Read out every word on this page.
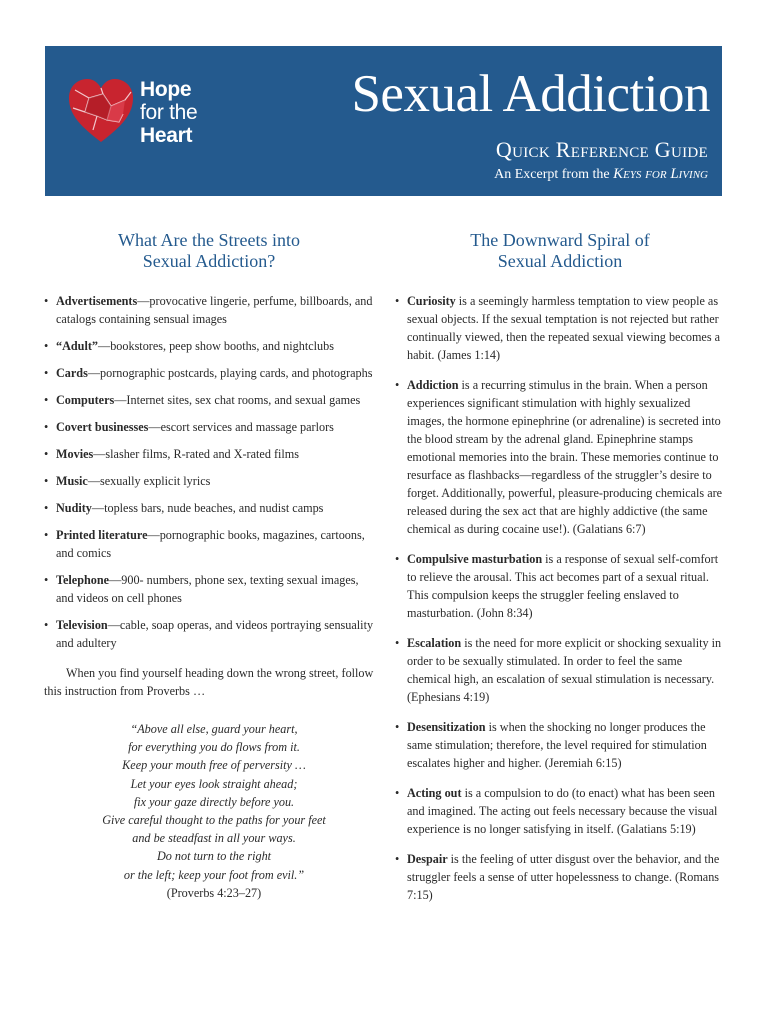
Hope
for the
Heart
Sexual Addiction
Quick Reference Guide
An Excerpt from the Keys for Living
What Are the Streets into
Sexual Addiction?
• Advertisements—provocative lingerie, perfume, billboards, and catalogs containing sensual images
• “Adult”—bookstores, peep show booths, and nightclubs
• Cards—pornographic postcards, playing cards, and photographs
• Computers—Internet sites, sex chat rooms, and sexual games
• Covert businesses—escort services and massage parlors
• Movies—slasher films, R-rated and X-rated films
• Music—sexually explicit lyrics
• Nudity—topless bars, nude beaches, and nudist camps
• Printed literature—pornographic books, magazines, cartoons, and comics
• Telephone—900- numbers, phone sex, texting sexual images, and videos on cell phones
• Television—cable, soap operas, and videos portraying sensuality and adultery

When you find yourself heading down the wrong street, follow this instruction from Proverbs …

“Above all else, guard your heart,
for everything you do flows from it.
Keep your mouth free of perversity …
Let your eyes look straight ahead;
fix your gaze directly before you.
Give careful thought to the paths for your feet
and be steadfast in all your ways.
Do not turn to the right
or the left; keep your foot from evil.”
(Proverbs 4:23–27)
The Downward Spiral of
Sexual Addiction
• Curiosity is a seemingly harmless temptation to view people as sexual objects. If the sexual temptation is not rejected but rather continually viewed, then the repeated sexual viewing becomes a habit. (James 1:14)
• Addiction is a recurring stimulus in the brain. When a person experiences significant stimulation with highly sexualized images, the hormone epinephrine (or adrenaline) is secreted into the blood stream by the adrenal gland. Epinephrine stamps emotional memories into the brain. These memories continue to resurface as flashbacks—regardless of the struggler’s desire to forget. Additionally, powerful, pleasure-producing chemicals are released during the sex act that are highly addictive (the same chemical as during cocaine use!). (Galatians 6:7)
• Compulsive masturbation is a response of sexual self-comfort to relieve the arousal. This act becomes part of a sexual ritual. This compulsion keeps the struggler feeling enslaved to masturbation. (John 8:34)
• Escalation is the need for more explicit or shocking sexuality in order to be sexually stimulated. In order to feel the same chemical high, an escalation of sexual stimulation is necessary. (Ephesians 4:19)
• Desensitization is when the shocking no longer produces the same stimulation; therefore, the level required for stimulation escalates higher and higher. (Jeremiah 6:15)
• Acting out is a compulsion to do (to enact) what has been seen and imagined. The acting out feels necessary because the visual experience is no longer satisfying in itself. (Galatians 5:19)
• Despair is the feeling of utter disgust over the behavior, and the struggler feels a sense of utter hopelessness to change. (Romans 7:15)
